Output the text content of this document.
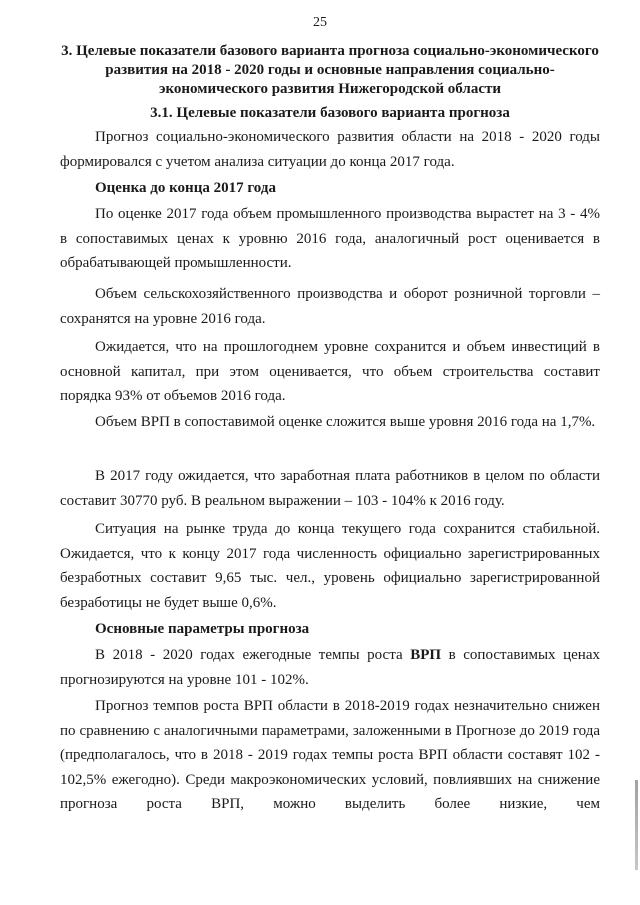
25
3. Целевые показатели базового варианта прогноза социально-экономического развития на 2018 - 2020 годы и основные направления социально-экономического развития Нижегородской области
3.1. Целевые показатели базового варианта прогноза
Прогноз социально-экономического развития области на 2018 - 2020 годы формировался с учетом анализа ситуации до конца 2017 года.
Оценка до конца 2017 года
По оценке 2017 года объем промышленного производства вырастет на 3 - 4% в сопоставимых ценах к уровню 2016 года, аналогичный рост оценивается в обрабатывающей промышленности.
Объем сельскохозяйственного производства и оборот розничной торговли – сохранятся на уровне 2016 года.
Ожидается, что на прошлогоднем уровне сохранится и объем инвестиций в основной капитал, при этом оценивается, что объем строительства составит порядка 93% от объемов 2016 года.
Объем ВРП в сопоставимой оценке сложится выше уровня 2016 года на 1,7%.
В 2017 году ожидается, что заработная плата работников в целом по области составит 30770 руб. В реальном выражении – 103 - 104% к 2016 году.
Ситуация на рынке труда до конца текущего года сохранится стабильной. Ожидается, что к концу 2017 года численность официально зарегистрированных безработных составит 9,65 тыс. чел., уровень официально зарегистрированной безработицы не будет выше 0,6%.
Основные параметры прогноза
В 2018 - 2020 годах ежегодные темпы роста ВРП в сопоставимых ценах прогнозируются на уровне 101 - 102%.
Прогноз темпов роста ВРП области в 2018-2019 годах незначительно снижен по сравнению с аналогичными параметрами, заложенными в Прогнозе до 2019 года (предполагалось, что в 2018 - 2019 годах темпы роста ВРП области составят 102 - 102,5% ежегодно). Среди макроэкономических условий, повлиявших на снижение прогноза роста ВРП, можно выделить более низкие, чем
